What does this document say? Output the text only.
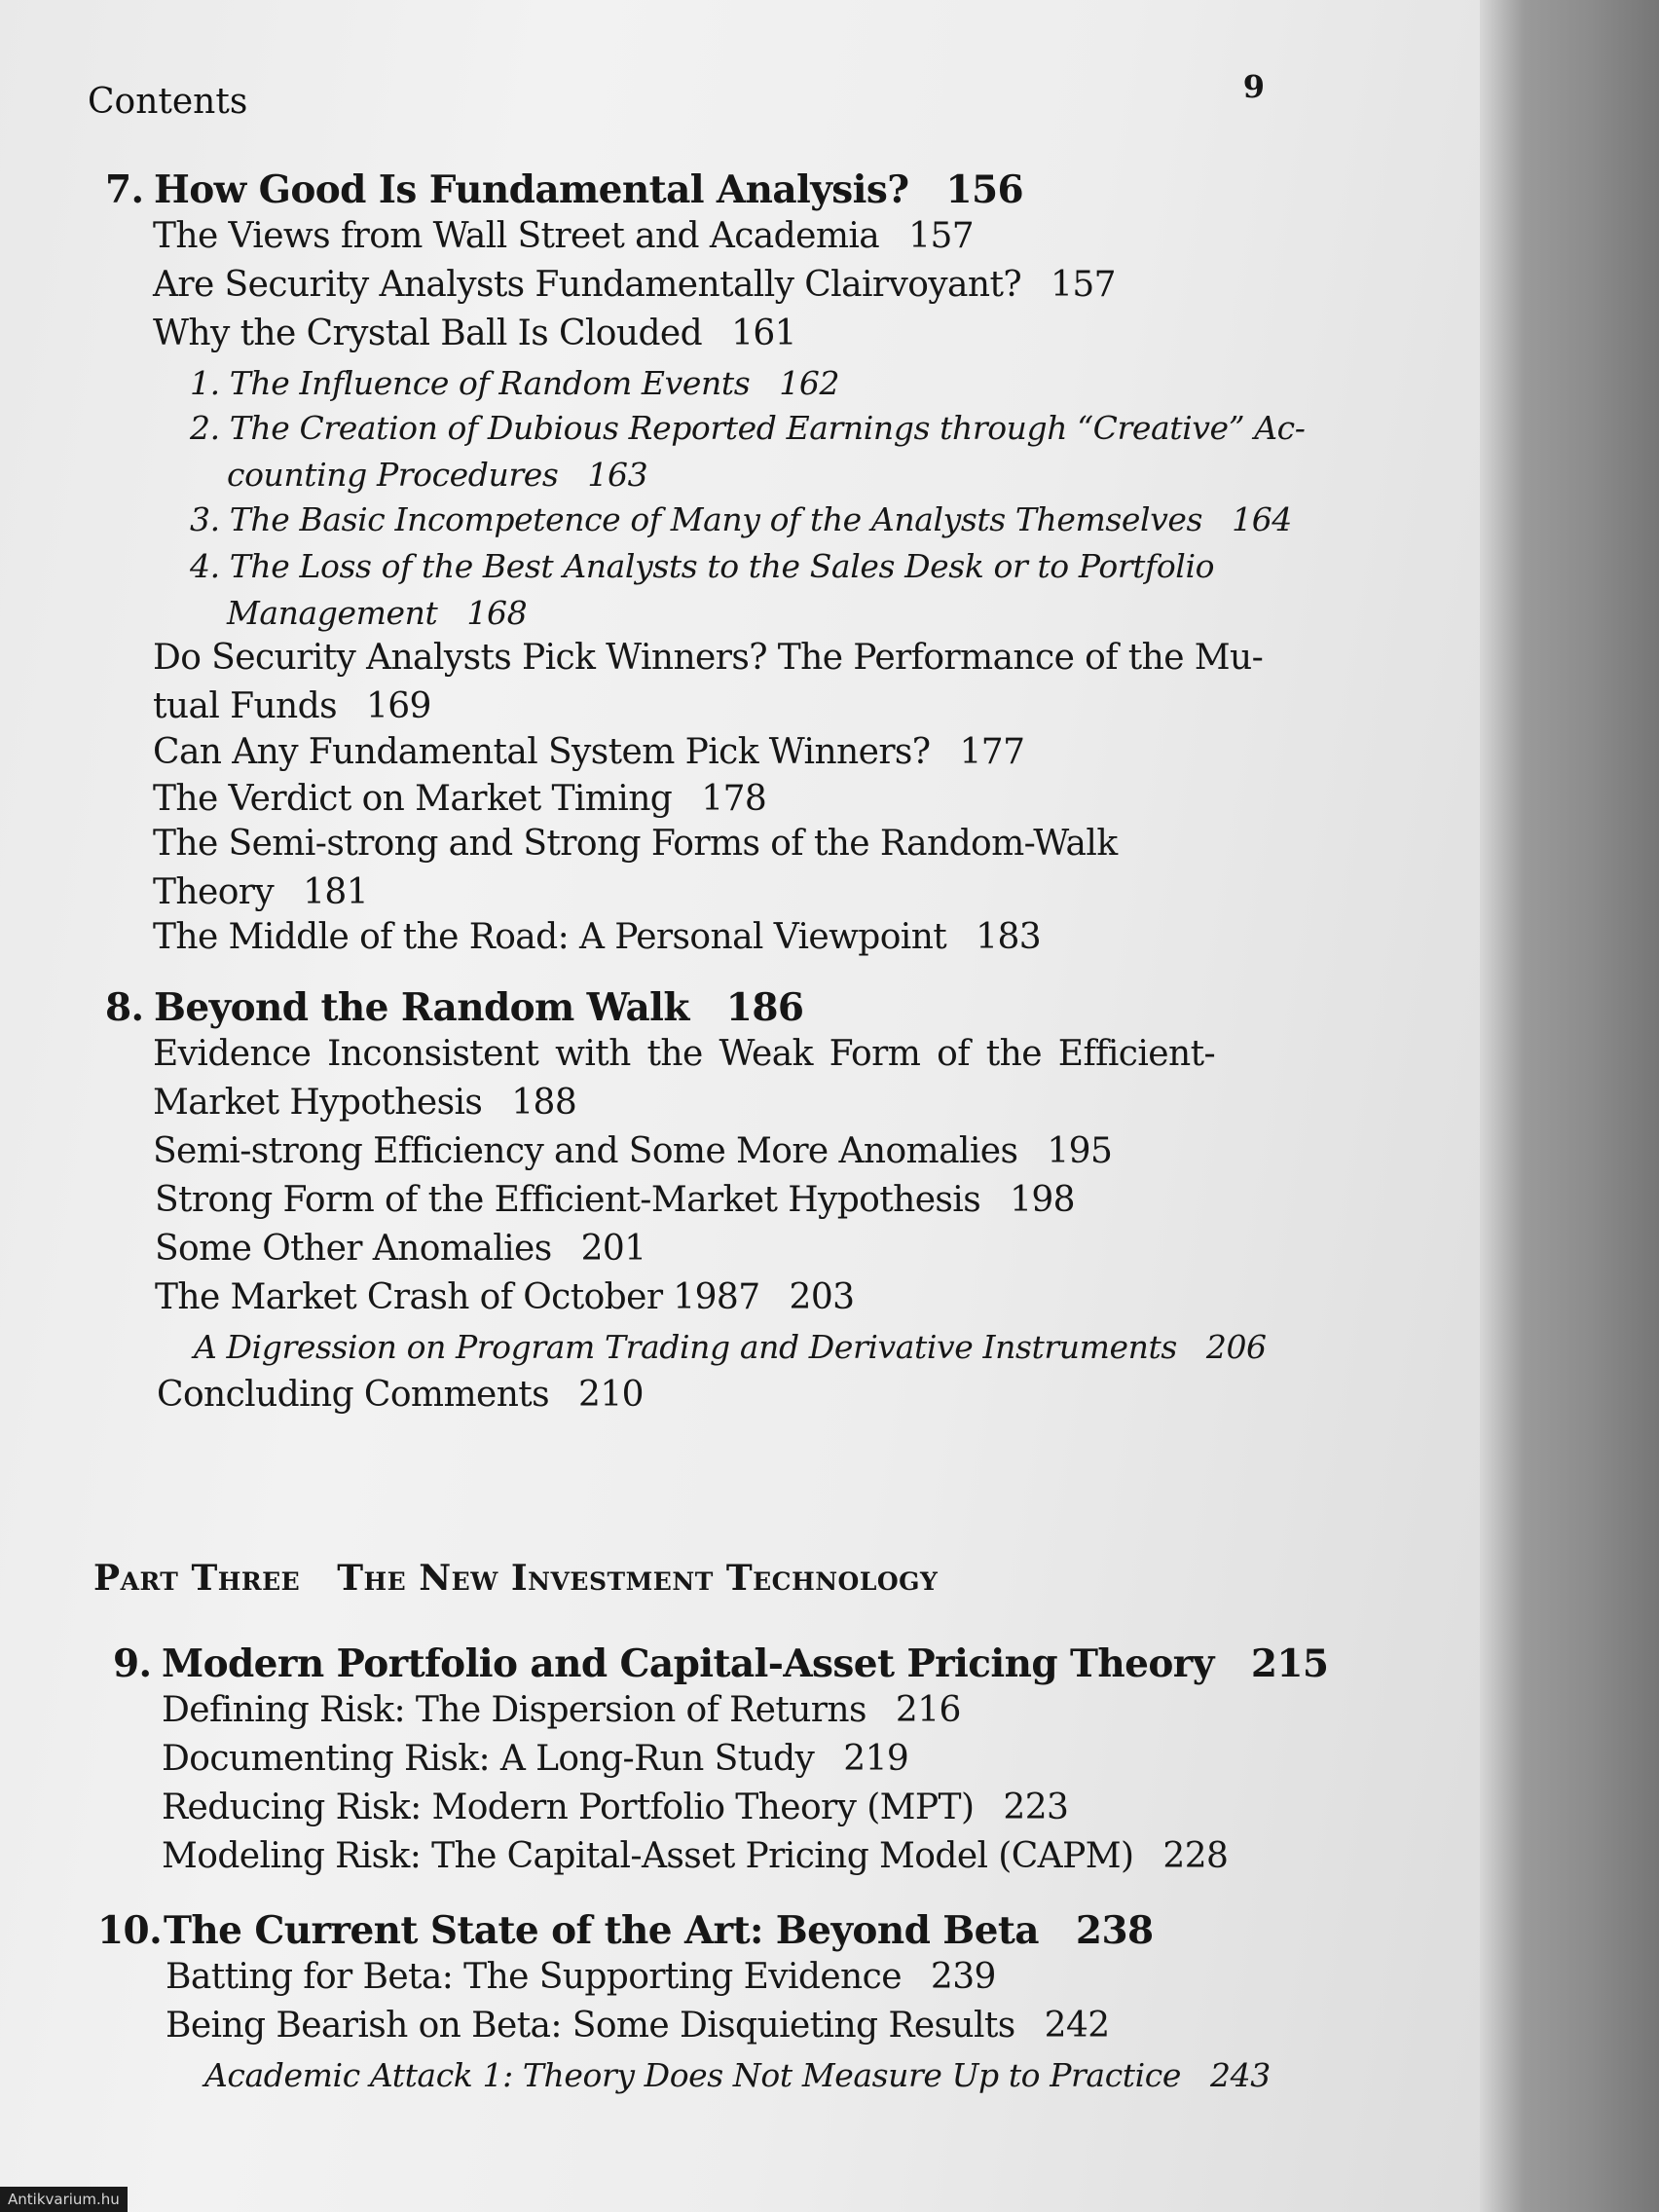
Contents	9
7. How Good Is Fundamental Analysis? 156
The Views from Wall Street and Academia 157
Are Security Analysts Fundamentally Clairvoyant? 157
Why the Crystal Ball Is Clouded 161
1. The Influence of Random Events 162
2. The Creation of Dubious Reported Earnings through “Creative” Ac-
counting Procedures 163
3. The Basic Incompetence of Many of the Analysts Themselves 164
4. The Loss of the Best Analysts to the Sales Desk or to Portfolio
Management 168
Do Security Analysts Pick Winners? The Performance of the Mu-
tual Funds 169
Can Any Fundamental System Pick Winners? 177
The Verdict on Market Timing 178
The Semi-strong and Strong Forms of the Random-Walk
Theory 181
The Middle of the Road: A Personal Viewpoint 183
8. Beyond the Random Walk 186
Evidence Inconsistent with the Weak Form of the Efficient-
Market Hypothesis 188
Semi-strong Efficiency and Some More Anomalies 195
Strong Form of the Efficient-Market Hypothesis 198
Some Other Anomalies 201
The Market Crash of October 1987 203
A Digression on Program Trading and Derivative Instruments 206
Concluding Comments 210
Part Three The New Investment Technology
9. Modern Portfolio and Capital-Asset Pricing Theory 215
Defining Risk: The Dispersion of Returns 216
Documenting Risk: A Long-Run Study 219
Reducing Risk: Modern Portfolio Theory (MPT) 223
Modeling Risk: The Capital-Asset Pricing Model (CAPM) 228
10.The Current State of the Art: Beyond Beta 238
Batting for Beta: The Supporting Evidence 239
Being Bearish on Beta: Some Disquieting Results 242
Academic Attack 1: Theory Does Not Measure Up to Practice 243
Antikvarium.hu
